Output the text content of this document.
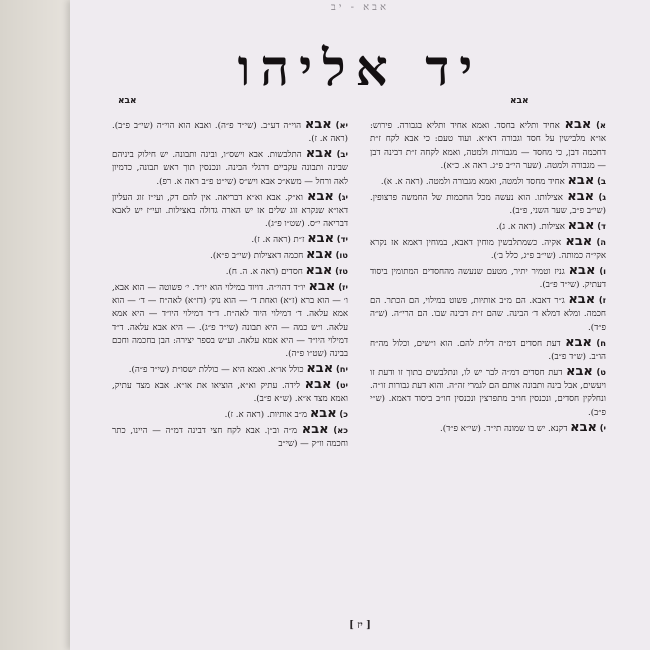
אבא - יב
יד אליהו
אבא
אבא

א) אבא אחיד ותליא בחסד. ואמא אחיד ותליא בגבורה. פירוש: או״א מלבישין על חסד וגבורה דא״א. ועוד טעם: כי אבא לקח ז״ת דחכמה דבן, כי מחסד — מגבורות ולמטה, ואמא לקחה ז״ת דבינה דבן — מגבורה ולמטה. (שער הי״ב פ״ג. ראה א. כ״א).

ב) אבא אחיד מחסד ולמטה, ואמא מגבורה ולמטה. (ראה א. א).

ג) אבא אצילותו. הוא נעשה מכל החכמות של החמשה פרצופין. (שי״ב פ״ב, שער השני, פ״ב).

ד) אבא אצילות. (ראה א. ג).

ה) אבא אקיה. כשמתלבשין מוחין דאבא, במוחין דאמא אז נקרא אקי״ה כמותה. (שי״ב פ״ג, כלל ב׳).

ו) אבא גניז וטמיר יתיר, מטעם שנעשה מהחסדים המתומין ביסוד דעתיק. (שי״ד פ״ב).

ז) אבא ג״ר דאבא. הם מ״ב אותיות, פשוט במילוי, הם הכתר. הם חכמה. ומלא דמלא ד׳ הבינה. שהם ז״ת דבינה שבו. הם הרי״ה. (ש״ה פ״ד).

ח) אבא דעת חסדים דמ״ה דלית להם. הוא ו״שים, וכלול מה״ח הו״ב. (ש״ד פ״ב).

ט) אבא דעת חסדים דמ״ה לבר יש לו, ונתלבשים בתוך זו ודעת זו ויעשים, אבל בינה ותבונה אותם הם לגמרי זה״ה. והוא דעת גבורות זו״ה. ונחלקין חסדים, ונכנסין חו״ב מתפרצין ונכנסין חו״ב ביסוד דאמא. (ש״י פ״ב).

י) אבא דקנא. יש בו שמונה תי״ד. (שי״א פ״ד).

יא) אבא הוי״ה דע״ב. (שי״ד פ״ה). ואבא הוא הוי״ה (שי״ב פ״ב). (ראה א. ז).

יב) אבא התלבשות. אבא וישס״ו, ובינה ותבונה. יש חילוק ביניהם שבינה ותבונה עקביים דרגלי הבינה. ונכנסין תוך ראש תבונה, כדמיון לאה ורחל — משא״כ אבא ויש״ס (שי״ט פ״ב ראה א. רפ).

יג) אבא וא״ק. אבא וא״א דבריאה. אין להם דק, ועי״ז זוג העליון דאו״א שנקרא זוג שלים אז יש הארה גדולה באצילות. ועי״ז יש לאבא דבריאה י״ס. (שט״ו פ״ג).

יד) אבא ז״ת (ראה א. ז).

טו) אבא חכמה דאצילות (שי״ב פ״א).

טז) אבא חסדים (ראה א. ה. ח).

יז) אבא יו״ד דהוי״ה. דויוד במילוי הוא יו״ד. י׳ פשוטה — הוא אבא, ו׳ — הוא ברא (ז״א) ואחת ד׳ — הוא נוק׳ (דז״א) לאה״ח — ד׳ — הוא אמא עלאה. ד׳ דמילוי היוד לאה״ח. ד״ד דמילוי היו״ד — היא אמא עלאה. ו״ש כמה — היא תבונה (שי״ד פ״ג). — היא אבא עלאה. ד״ד דמילוי היו״ד — היא אמא עלאה. וע״ש בספר יצירה: הבן בחכמה וחכם בבינה (שט״ו פ״ה).

יח) אבא כולל או״א. ואמא היא — כוללת ישסו״ת (שי״ד פ״ה).

יט) אבא לידה. עתיק וא״א, הוציאו את או״א. אבא מצד עתיק, ואמא מצד א״א. (ש״א פ״ב).

כ) אבא מ״ב אותיות. (ראה א. ז).

כא) אבא מ״ה וב״ן. אבא לקח חצי דבינה דמ״ה — היינו, כתר וחכמה וו״ק — (שי״ב

[ יז ]
